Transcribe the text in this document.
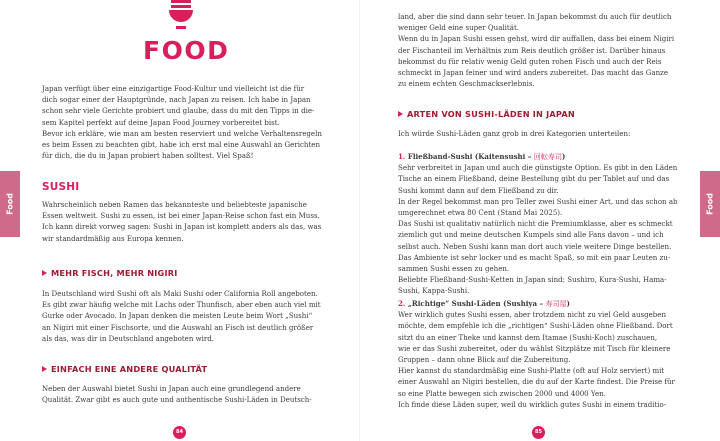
FOOD

Japan verfügt über eine einzigartige Food-Kultur und vielleicht ist die für

dich sogar einer der Hauptgründe, nach Japan zu reisen. Ich habe in Japan

schon sehr viele Gerichte probiert und glaube, dass du mit den Tipps in die-

sem Kapitel perfekt auf deine Japan Food Journey vorbereitet bist.

Bevor ich erkläre, wie man am besten reserviert und welche Verhaltensregeln

es beim Essen zu beachten gibt, habe ich erst mal eine Auswahl an Gerichten

für dich, die du in Japan probiert haben solltest. Viel Spaß!

SUSHI

Wahrscheinlich neben Ramen das bekannteste und beliebteste japanische

Essen weltweit. Sushi zu essen, ist bei einer Japan-Reise schon fast ein Muss.

Ich kann direkt vorweg sagen: Sushi in Japan ist komplett anders als das, was

wir standardmäßig aus Europa kennen.

MEHR FISCH, MEHR NIGIRI

In Deutschland wird Sushi oft als Maki Sushi oder California Roll angeboten.

Es gibt zwar häufig welche mit Lachs oder Thunfisch, aber eben auch viel mit

Gurke oder Avocado. In Japan denken die meisten Leute beim Wort „Sushi“

an Nigiri mit einer Fischsorte, und die Auswahl an Fisch ist deutlich größer

als das, was dir in Deutschland angeboten wird.

EINFACH EINE ANDERE QUALITÄT

Neben der Auswahl bietet Sushi in Japan auch eine grundlegend andere

Qualität. Zwar gibt es auch gute und authentische Sushi-Läden in Deutsch-

84
Food

land, aber die sind dann sehr teuer. In Japan bekommst du auch für deutlich

weniger Geld eine super Qualität.

Wenn du in Japan Sushi essen gehst, wird dir auffallen, dass bei einem Nigiri

der Fischanteil im Verhältnis zum Reis deutlich größer ist. Darüber hinaus

bekommst du für relativ wenig Geld guten rohen Fisch und auch der Reis

schmeckt in Japan feiner und wird anders zubereitet. Das macht das Ganze

zu einem echten Geschmackserlebnis.

ARTEN VON SUSHI-LÄDEN IN JAPAN

Ich würde Sushi-Läden ganz grob in drei Kategorien unterteilen:

1. Fließband-Sushi (Kaitensushi – 回転寿司)

Sehr verbreitet in Japan und auch die günstigste Option. Es gibt in den Läden

Tische an einem Fließband, deine Bestellung gibt du per Tablet auf und das

Sushi kommt dann auf dem Fließband zu dir.

In der Regel bekommst man pro Teller zwei Sushi einer Art, und das schon ab

umgerechnet etwa 80 Cent (Stand Mai 2025).

Das Sushi ist qualitativ natürlich nicht die Premiumklasse, aber es schmeckt

ziemlich gut und meine deutschen Kumpels sind alle Fans davon – und ich

selbst auch. Neben Sushi kann man dort auch viele weitere Dinge bestellen.

Das Ambiente ist sehr locker und es macht Spaß, so mit ein paar Leuten zu-

sammen Sushi essen zu gehen.

Beliebte Fließband-Sushi-Ketten in Japan sind: Sushiro, Kura-Sushi, Hama-

Sushi, Kappa-Sushi.

2. „Richtige“ Sushi-Läden (Sushiya – 寿司屋)

Wer wirklich gutes Sushi essen, aber trotzdem nicht zu viel Geld ausgeben

möchte, dem empfehle ich die „richtigen“ Sushi-Läden ohne Fließband. Dort

sitzt du an einer Theke und kannst dem Itamae (Sushi-Koch) zuschauen,

wie er das Sushi zubereitet, oder du wählst Sitzplätze mit Tisch für kleinere

Gruppen – dann ohne Blick auf die Zubereitung.

Hier kannst du standardmäßig eine Sushi-Platte (oft auf Holz serviert) mit

einer Auswahl an Nigiri bestellen, die du auf der Karte findest. Die Preise für

so eine Platte bewegen sich zwischen 2000 und 4000 Yen.

Ich finde diese Läden super, weil du wirklich gutes Sushi in einem traditio-

85
Food
